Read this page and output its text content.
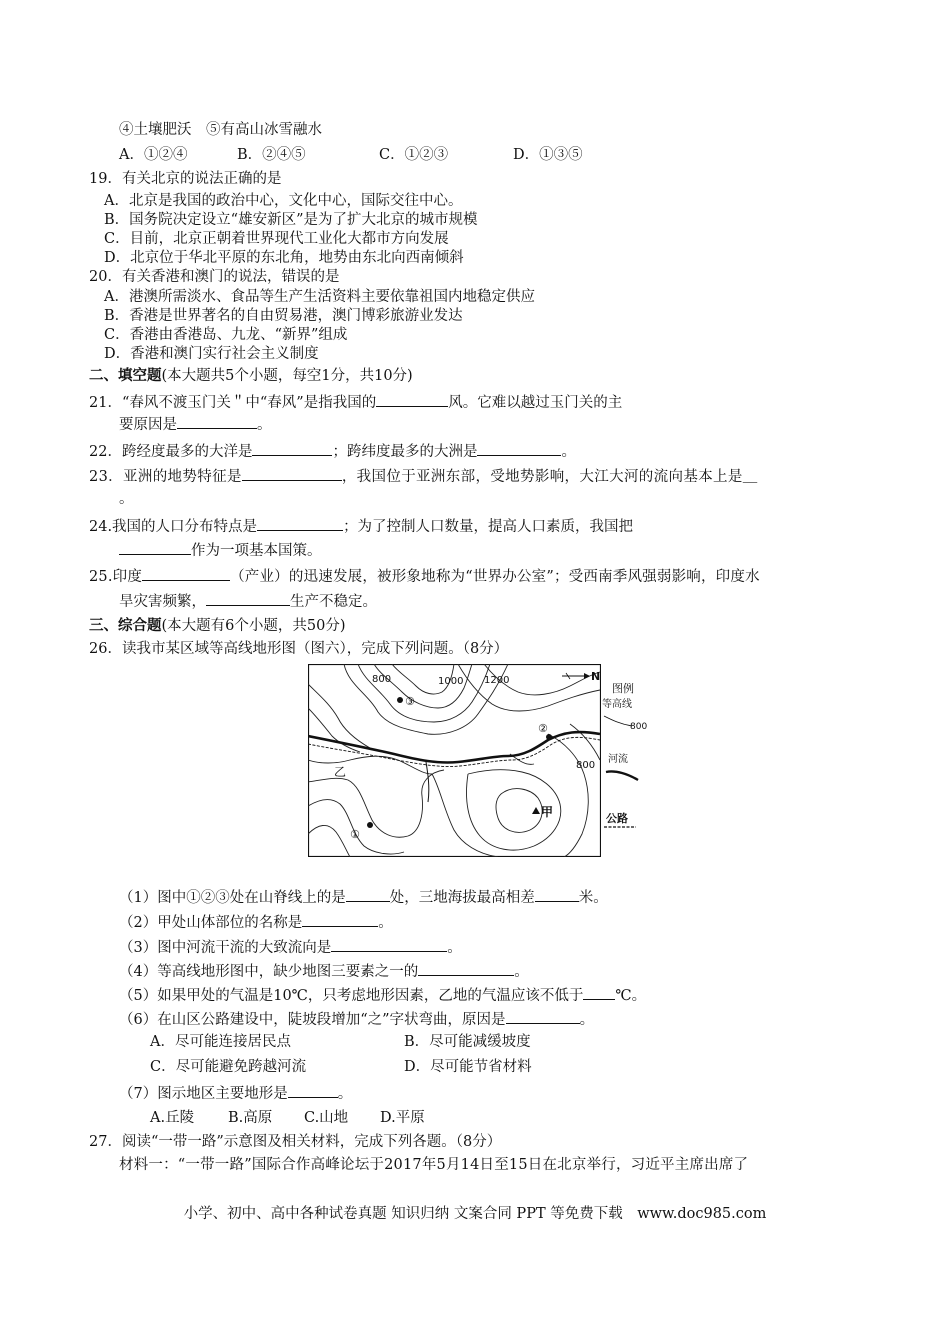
④土壤肥沃　⑤有高山冰雪融水
A．①②④	B．②④⑤	C．①②③	D．①③⑤
19．有关北京的说法正确的是
A．北京是我国的政治中心，文化中心，国际交往中心。
B．国务院决定设立“雄安新区”是为了扩大北京的城市规模
C．目前，北京正朝着世界现代工业化大都市方向发展
D．北京位于华北平原的东北角，地势由东北向西南倾斜
20．有关香港和澳门的说法，错误的是
A．港澳所需淡水、食品等生产生活资料主要依靠祖国内地稳定供应
B．香港是世界著名的自由贸易港，澳门博彩旅游业发达
C．香港由香港岛、九龙、“新界”组成
D．香港和澳门实行社会主义制度
二、填空题(本大题共5个小题，每空1分，共10分)
21．“春风不渡玉门关＂中“春风”是指我国的	风。它难以越过玉门关的主
要原因是	。
22．跨经度最多的大洋是	；跨纬度最多的大洲是	。
23．亚洲的地势特征是	，我国位于亚洲东部，受地势影响，大江大河的流向基本上是＿
。
24.我国的人口分布特点是	；为了控制人口数量，提高人口素质，我国把
作为一项基本国策。
25.印度	（产业）的迅速发展，被形象地称为“世界办公室”；受西南季风强弱影响，印度水
旱灾害频繁，	生产不稳定。
三、综合题(本大题有6个小题，共50分)
26．读我市某区域等高线地形图（图六），完成下列问题。（8分）
N
800	1000 1200
800
③
②
①
甲
乙
图例
等高线
800
河流
公路
（1）图中①②③处在山脊线上的是	处，三地海拔最高相差	米。
（2）甲处山体部位的名称是	。
（3）图中河流干流的大致流向是	。
（4）等高线地形图中，缺少地图三要素之一的	。
（5）如果甲处的气温是10℃，只考虑地形因素，乙地的气温应该不低于 ℃。
（6）在山区公路建设中，陡坡段增加“之”字状弯曲，原因是	。
A．尽可能连接居民点	B．尽可能减缓坡度
C．尽可能避免跨越河流	D．尽可能节省材料
（7）图示地区主要地形是	。
A.丘陵 B.高原 C.山地 D.平原
27．阅读“一带一路”示意图及相关材料，完成下列各题。（8分）
材料一：“一带一路”国际合作高峰论坛于2017年5月14日至15日在北京举行，习近平主席出席了
小学、初中、高中各种试卷真题 知识归纳 文案合同 PPT 等免费下载　www.doc985.com
